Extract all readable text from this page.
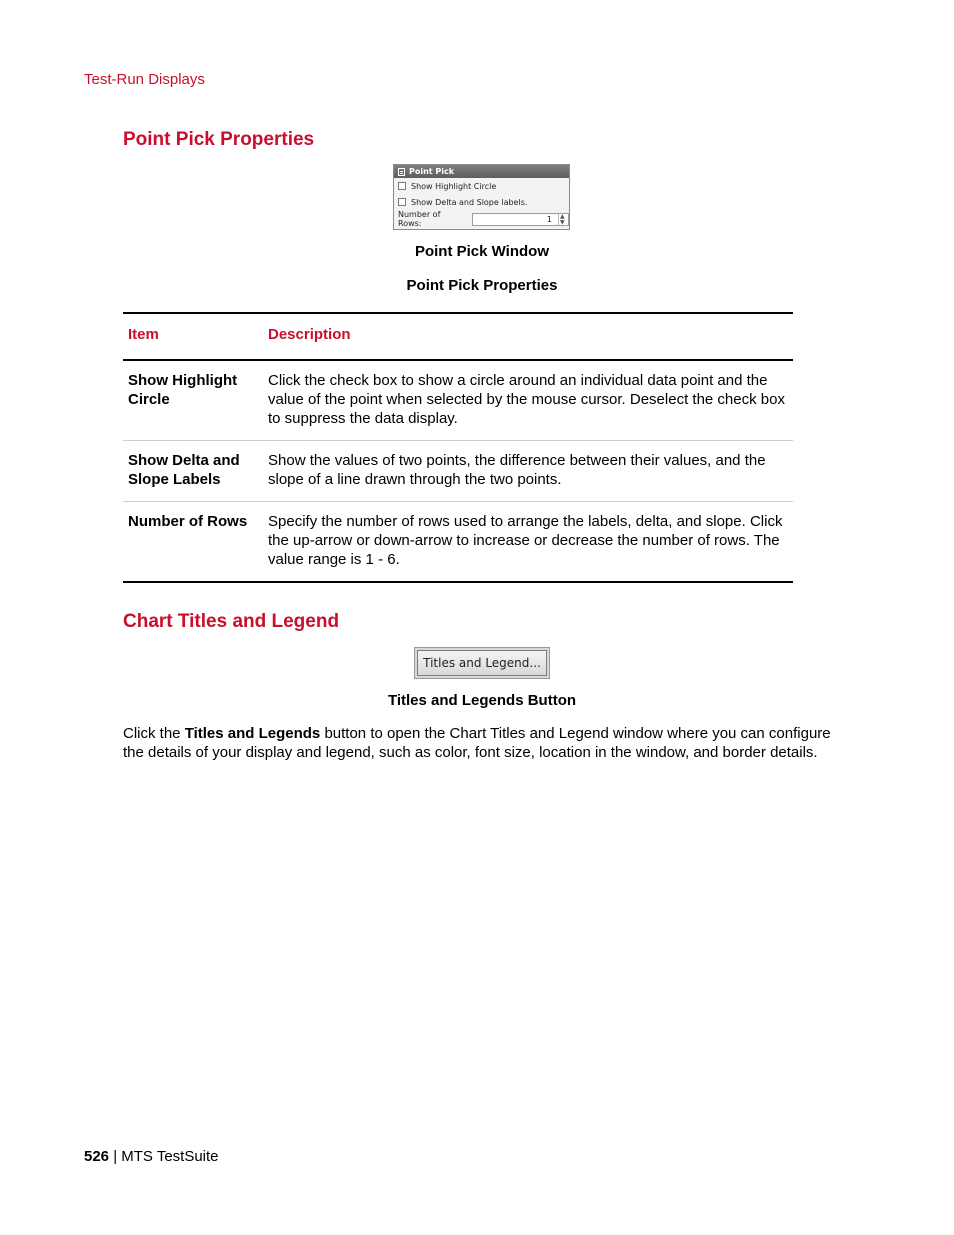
Test-Run Displays
Point Pick Properties
Point Pick
Show Highlight Circle
Show Delta and Slope labels.
Number of Rows:	1	▲
▼
Point Pick Window
Point Pick Properties
Item	Description
Show Highlight Circle	Click the check box to show a circle around an individual data point and the value of the point when selected by the mouse cursor. Deselect the check box to suppress the data display.
Show Delta and Slope Labels	Show the values of two points, the difference between their values, and the slope of a line drawn through the two points.
Number of Rows	Specify the number of rows used to arrange the labels, delta, and slope. Click the up-arrow or down-arrow to increase or decrease the number of rows. The value range is 1 - 6.
Chart Titles and Legend
Titles and Legend...
Titles and Legends Button

Click the Titles and Legends button to open the Chart Titles and Legend window where you can configure the details of your display and legend, such as color, font size, location in the window, and border details.

526 | MTS TestSuite
